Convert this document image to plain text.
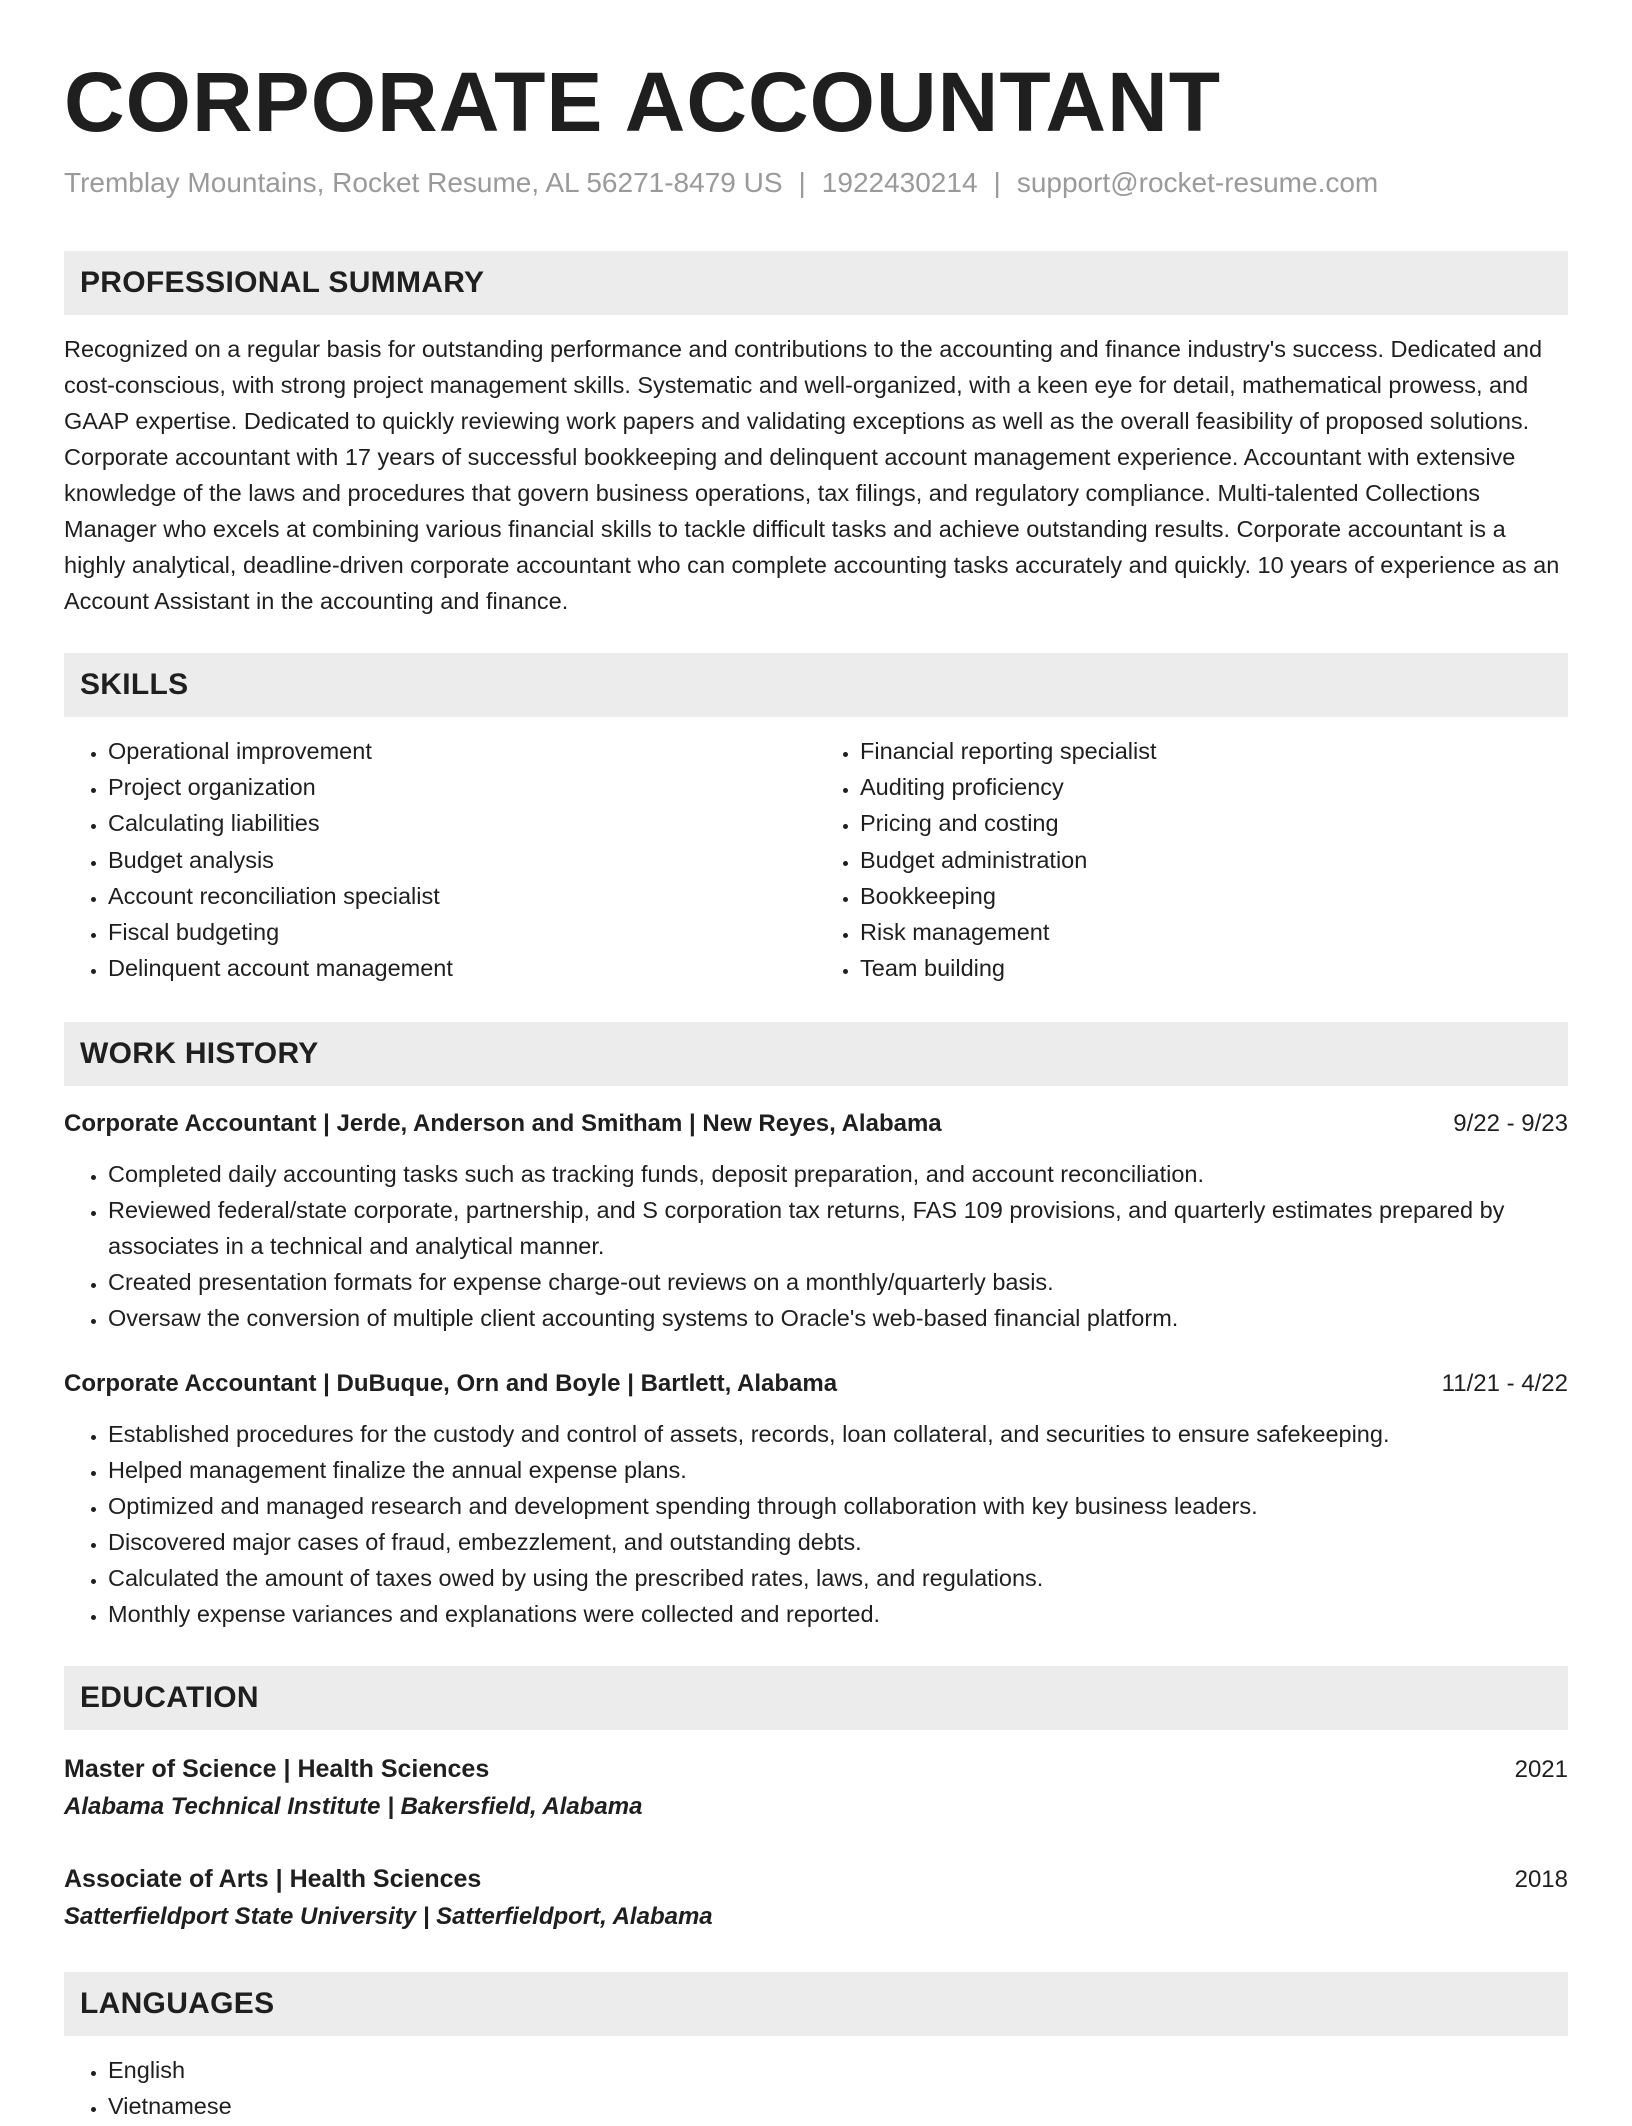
CORPORATE ACCOUNTANT
Tremblay Mountains, Rocket Resume, AL 56271-8479 US | 1922430214 | support@rocket-resume.com
PROFESSIONAL SUMMARY

Recognized on a regular basis for outstanding performance and contributions to the accounting and finance industry's success. Dedicated and cost-conscious, with strong project management skills. Systematic and well-organized, with a keen eye for detail, mathematical prowess, and GAAP expertise. Dedicated to quickly reviewing work papers and validating exceptions as well as the overall feasibility of proposed solutions. Corporate accountant with 17 years of successful bookkeeping and delinquent account management experience. Accountant with extensive knowledge of the laws and procedures that govern business operations, tax filings, and regulatory compliance. Multi-talented Collections Manager who excels at combining various financial skills to tackle difficult tasks and achieve outstanding results. Corporate accountant is a highly analytical, deadline-driven corporate accountant who can complete accounting tasks accurately and quickly. 10 years of experience as an Account Assistant in the accounting and finance.

SKILLS
• Operational improvement
• Project organization
• Calculating liabilities
• Budget analysis
• Account reconciliation specialist
• Fiscal budgeting
• Delinquent account management
• Financial reporting specialist
• Auditing proficiency
• Pricing and costing
• Budget administration
• Bookkeeping
• Risk management
• Team building
WORK HISTORY
Corporate Accountant | Jerde, Anderson and Smitham | New Reyes, Alabama	9/22 - 9/23
• Completed daily accounting tasks such as tracking funds, deposit preparation, and account reconciliation.
• Reviewed federal/state corporate, partnership, and S corporation tax returns, FAS 109 provisions, and quarterly estimates prepared by associates in a technical and analytical manner.
• Created presentation formats for expense charge-out reviews on a monthly/quarterly basis.
• Oversaw the conversion of multiple client accounting systems to Oracle's web-based financial platform.
Corporate Accountant | DuBuque, Orn and Boyle | Bartlett, Alabama	11/21 - 4/22
• Established procedures for the custody and control of assets, records, loan collateral, and securities to ensure safekeeping.
• Helped management finalize the annual expense plans.
• Optimized and managed research and development spending through collaboration with key business leaders.
• Discovered major cases of fraud, embezzlement, and outstanding debts.
• Calculated the amount of taxes owed by using the prescribed rates, laws, and regulations.
• Monthly expense variances and explanations were collected and reported.
EDUCATION
Master of Science | Health Sciences	2021
Alabama Technical Institute | Bakersfield, Alabama
Associate of Arts | Health Sciences	2018
Satterfieldport State University | Satterfieldport, Alabama
LANGUAGES
• English
• Vietnamese
